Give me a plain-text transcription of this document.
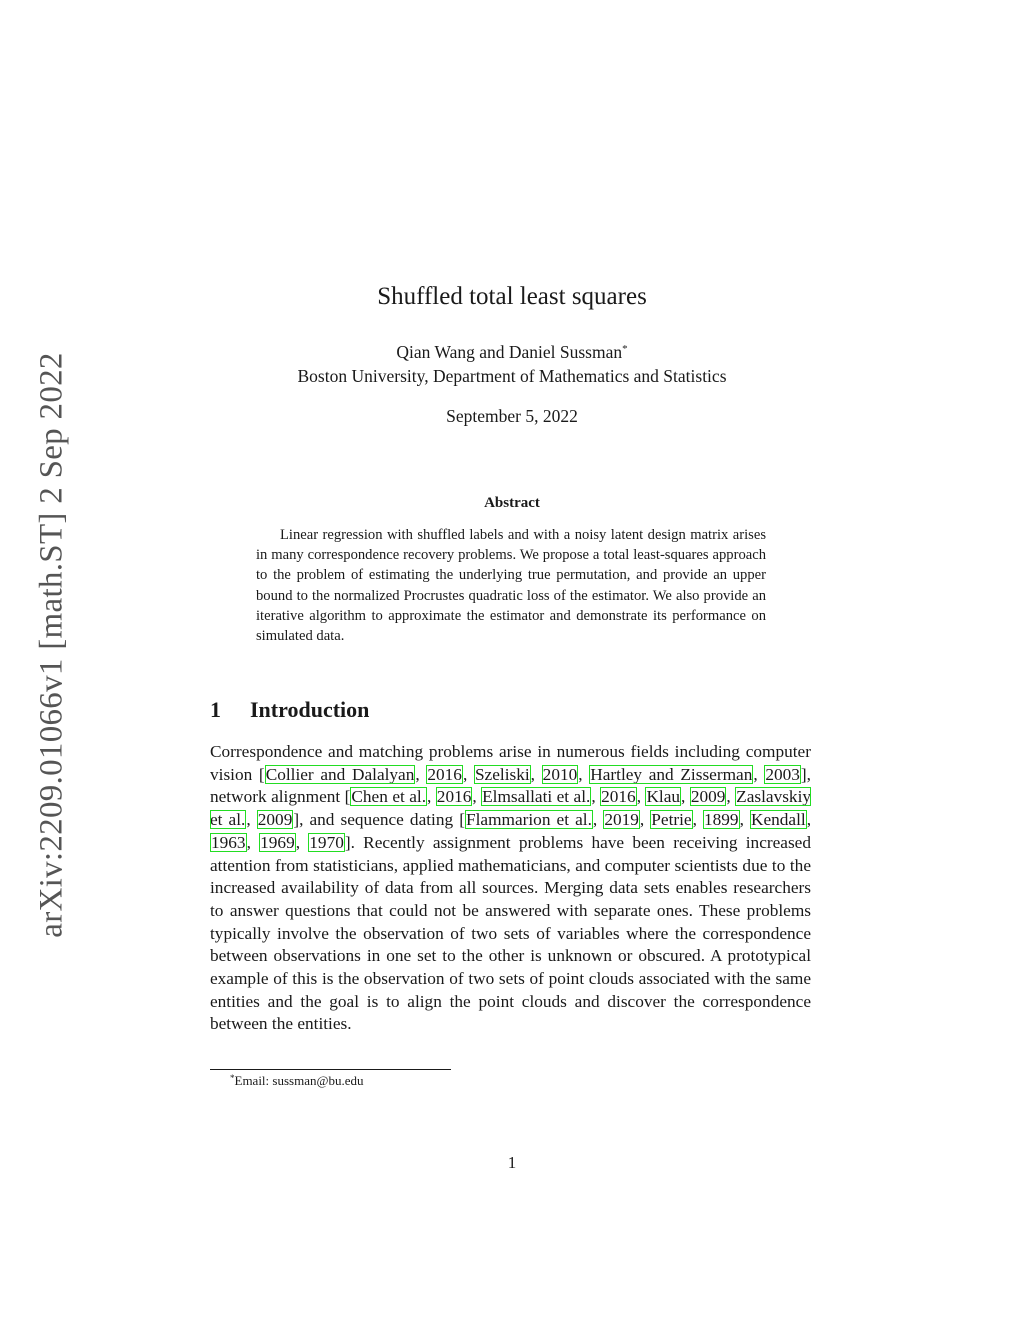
arXiv:2209.01066v1 [math.ST] 2 Sep 2022
Shuffled total least squares
Qian Wang and Daniel Sussman*
Boston University, Department of Mathematics and Statistics
September 5, 2022
Abstract

Linear regression with shuffled labels and with a noisy latent design matrix arises in many correspondence recovery problems. We propose a total least-squares approach to the problem of estimating the underlying true permutation, and provide an upper bound to the normalized Procrustes quadratic loss of the estimator. We also provide an iterative algorithm to approximate the estimator and demonstrate its performance on simulated data.

1 Introduction

Correspondence and matching problems arise in numerous fields including computer vision [Collier and Dalalyan, 2016, Szeliski, 2010, Hartley and Zisserman, 2003], network alignment [Chen et al., 2016, Elmsallati et al., 2016, Klau, 2009, Zaslavskiy et al., 2009], and sequence dating [Flammarion et al., 2019, Petrie, 1899, Kendall, 1963, 1969, 1970]. Recently assignment problems have been receiving increased attention from statisticians, applied mathematicians, and computer scientists due to the increased availability of data from all sources. Merging data sets enables researchers to answer questions that could not be answered with separate ones. These problems typically involve the observation of two sets of variables where the correspondence between observations in one set to the other is unknown or obscured. A prototypical example of this is the observation of two sets of point clouds associated with the same entities and the goal is to align the point clouds and discover the correspondence between the entities.

*Email: sussman@bu.edu
1
